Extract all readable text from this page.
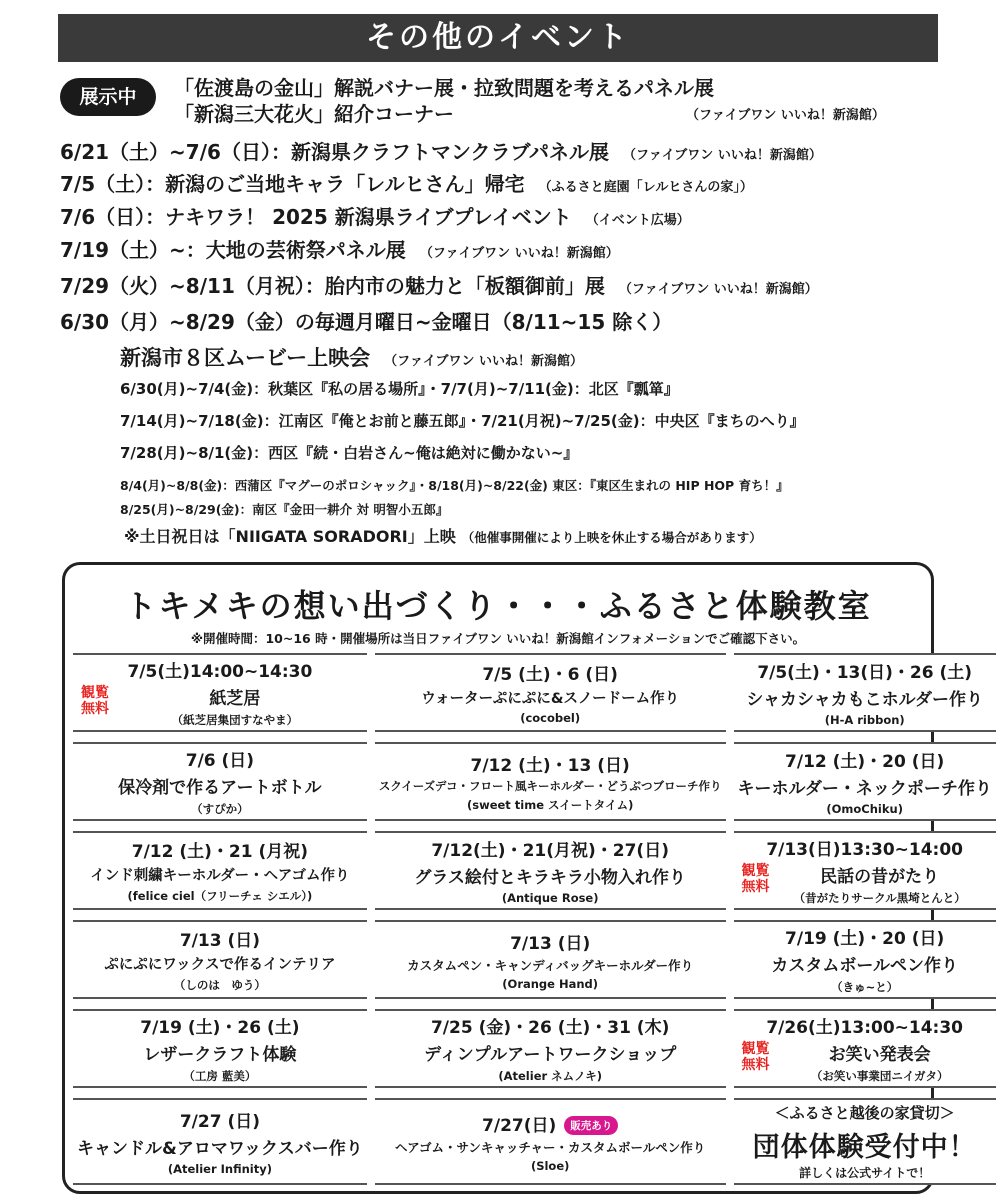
その他のイベント
展示中	「佐渡島の金山」解説バナー展・拉致問題を考えるパネル展
「新潟三大花火」紹介コーナー	（ファイブワン いいね！新潟館）
6/21（土）~7/6（日）：新潟県クラフトマンクラブパネル展 （ファイブワン いいね！新潟館）
7/5（土）：新潟のご当地キャラ「レルヒさん」帰宅 （ふるさと庭園「レルヒさんの家」）
7/6（日）：ナキワラ！ 2025 新潟県ライブプレイベント （イベント広場）
7/19（土）~：大地の芸術祭パネル展 （ファイブワン いいね！新潟館）
7/29（火）~8/11（月祝）：胎内市の魅力と「板額御前」展 （ファイブワン いいね！新潟館）
6/30（月）~8/29（金）の毎週月曜日~金曜日（8/11~15 除く）
新潟市８区ムービー上映会 （ファイブワン いいね！新潟館）
6/30(月)~7/4(金)：秋葉区『私の居る場所』・7/7(月)~7/11(金)：北区『瓢箪』
7/14(月)~7/18(金)：江南区『俺とお前と藤五郎』・7/21(月祝)~7/25(金)：中央区『まちのへり』
7/28(月)~8/1(金)：西区『続・白岩さん~俺は絶対に働かない~』
8/4(月)~8/8(金)：西蒲区『マグーのポロシャック』・8/18(月)~8/22(金) 東区：『東区生まれの HIP HOP 育ち！』
8/25(月)~8/29(金)：南区『金田一耕介 対 明智小五郎』
※土日祝日は「NIIGATA SORADORI」上映 （他催事開催により上映を休止する場合があります）
トキメキの想い出づくり・・・ふるさと体験教室
※開催時間：10~16 時・開催場所は当日ファイブワン いいね！新潟館インフォメーションでご確認下さい。
観覧無料
7/5(土)14:00~14:30
紙芝居
（紙芝居集団すなやま）
7/5 (土)・6 (日)
ウォーターぷにぷに&スノードーム作り
(cocobel)
7/5(土)・13(日)・26 (土)
シャカシャカもこホルダー作り
(H-A ribbon)
7/6 (日)
保冷剤で作るアートボトル
（すぴか）
7/12 (土)・13 (日)
スクイーズデコ・フロート風キーホルダー・どうぶつブローチ作り
(sweet time スイートタイム)
7/12 (土)・20 (日)
キーホルダー・ネックポーチ作り
(OmoChiku)
7/12 (土)・21 (月祝)
インド刺繍キーホルダー・ヘアゴム作り
(felice ciel（フリーチェ シエル）)
7/12(土)・21(月祝)・27(日)
グラス絵付とキラキラ小物入れ作り
(Antique Rose)
観覧無料
7/13(日)13:30~14:00
民話の昔がたり
（昔がたりサークル黒埼とんと）
7/13 (日)
ぷにぷにワックスで作るインテリア
（しのは　ゆう）
7/13 (日)
カスタムペン・キャンディバッグキーホルダー作り
(Orange Hand)
7/19 (土)・20 (日)
カスタムボールペン作り
（きゅ~と）
7/19 (土)・26 (土)
レザークラフト体験
（工房 藍美）
7/25 (金)・26 (土)・31 (木)
ディンプルアートワークショップ
(Atelier ネムノキ)
観覧無料
7/26(土)13:00~14:30
お笑い発表会
（お笑い事業団ニイガタ）
7/27 (日)
キャンドル&アロマワックスバー作り
(Atelier Infinity)
7/27(日) 販売あり
ヘアゴム・サンキャッチャー・カスタムボールペン作り
(Sloe)
＜ふるさと越後の家貸切＞
団体体験受付中！
詳しくは公式サイトで！
